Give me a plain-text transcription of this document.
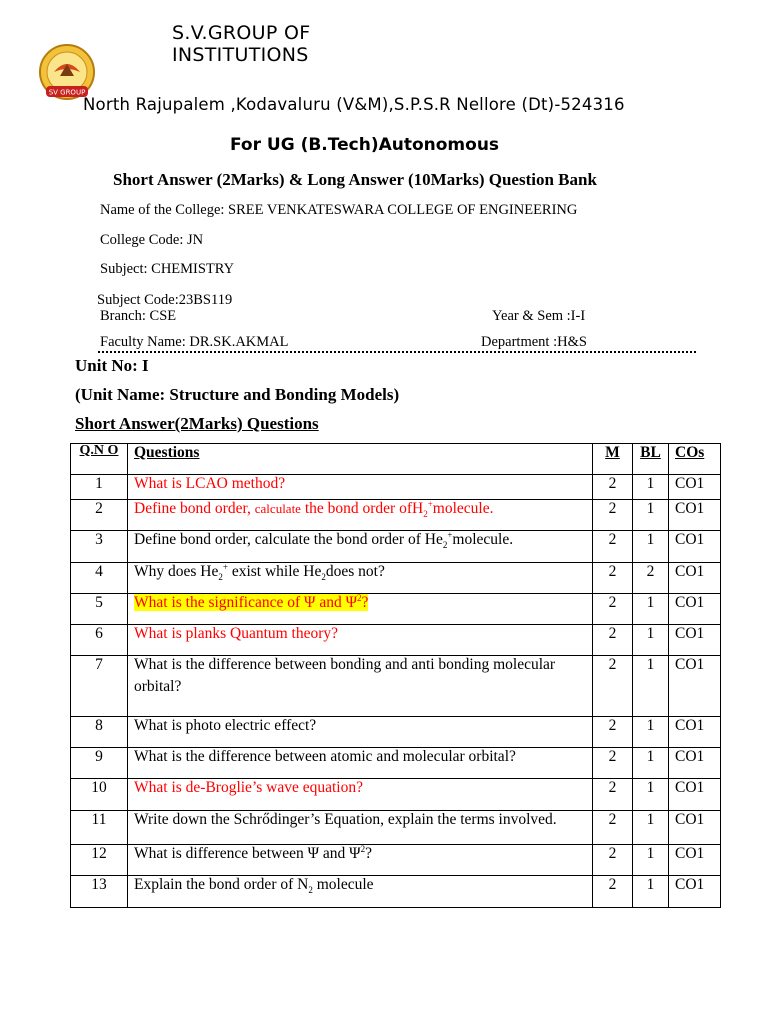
SV GROUP
S.V.GROUP OF
INSTITUTIONS
North Rajupalem ,Kodavaluru (V&M),S.P.S.R Nellore (Dt)-524316
For UG (B.Tech)Autonomous
Short Answer (2Marks) & Long Answer (10Marks) Question Bank
Name of the College: SREE VENKATESWARA COLLEGE OF ENGINEERING
College Code: JN
Subject: CHEMISTRY
Subject Code:23BS119
Branch: CSE	Year & Sem :I-I
Faculty Name: DR.SK.AKMAL	Department :H&S
Unit No: I
(Unit Name: Structure and Bonding Models)
Short Answer(2Marks) Questions
Q.N O	Questions	M	BL	COs
1	What is LCAO method?	2	1	CO1
2	Define bond order, calculate the bond order ofH$_2$+molecule.	2	1	CO1
3	Define bond order, calculate the bond order of $He_2^+molecule$.	2	1	CO1
4	Why does $He_2^+$ exist while $He_2does$ not?	2	2	CO1
5	What is the significance of Ψ and $\Psi^2$?	2	1	CO1
6	What is planks Quantum theory?	2	1	CO1
7	What is the difference between bonding and anti bonding molecular
orbital?	2	1	CO1
8	What is photo electric effect?	2	1	CO1
9	What is the difference between atomic and molecular orbital?	2	1	CO1
10	What is de-Broglie’s wave equation?	2	1	CO1
11	Write down the Schrődinger’s Equation, explain the terms involved.	2	1	CO1
12	What is difference between Ψ and $\Psi^2$?	2	1	CO1
13	Explain the bond order of $N_2$ molecule	2	1	CO1
